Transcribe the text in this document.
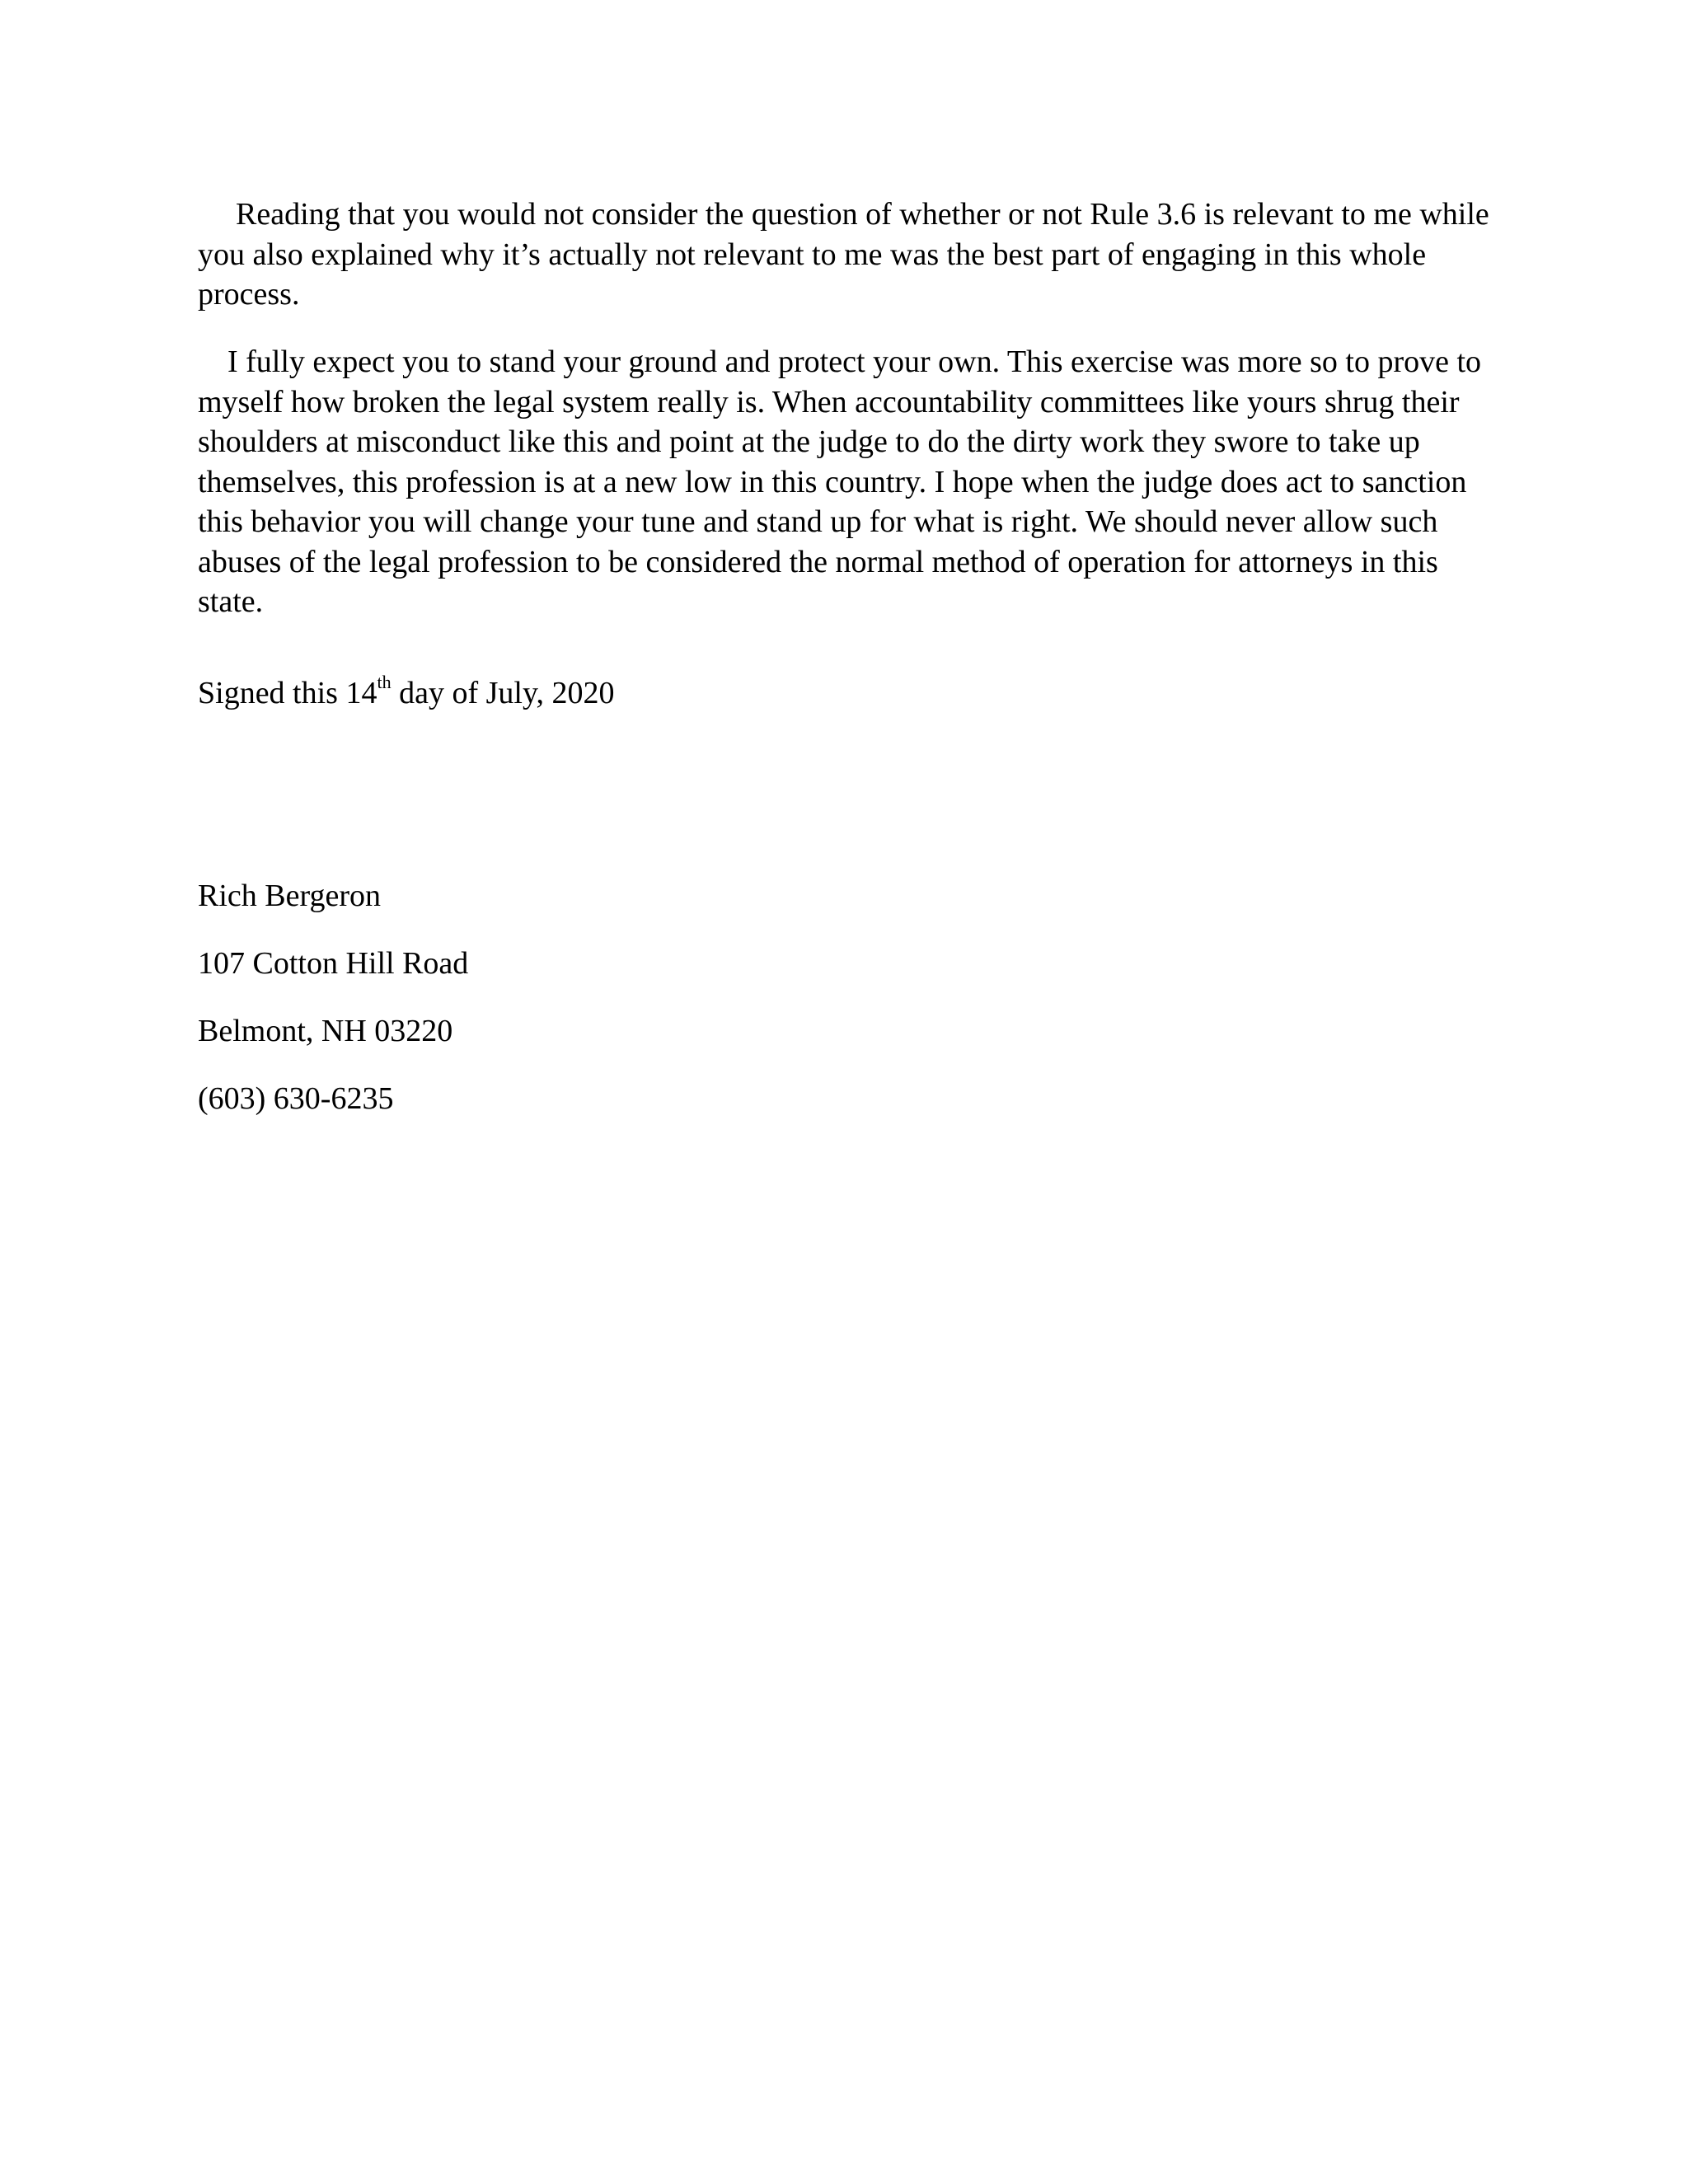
Reading that you would not consider the question of whether or not Rule 3.6 is relevant to me while you also explained why it’s actually not relevant to me was the best part of engaging in this whole process.

I fully expect you to stand your ground and protect your own. This exercise was more so to prove to myself how broken the legal system really is. When accountability committees like yours shrug their shoulders at misconduct like this and point at the judge to do the dirty work they swore to take up themselves, this profession is at a new low in this country. I hope when the judge does act to sanction this behavior you will change your tune and stand up for what is right. We should never allow such abuses of the legal profession to be considered the normal method of operation for attorneys in this state.

Signed this 14th day of July, 2020

Rich Bergeron

107 Cotton Hill Road

Belmont, NH 03220

(603) 630-6235
